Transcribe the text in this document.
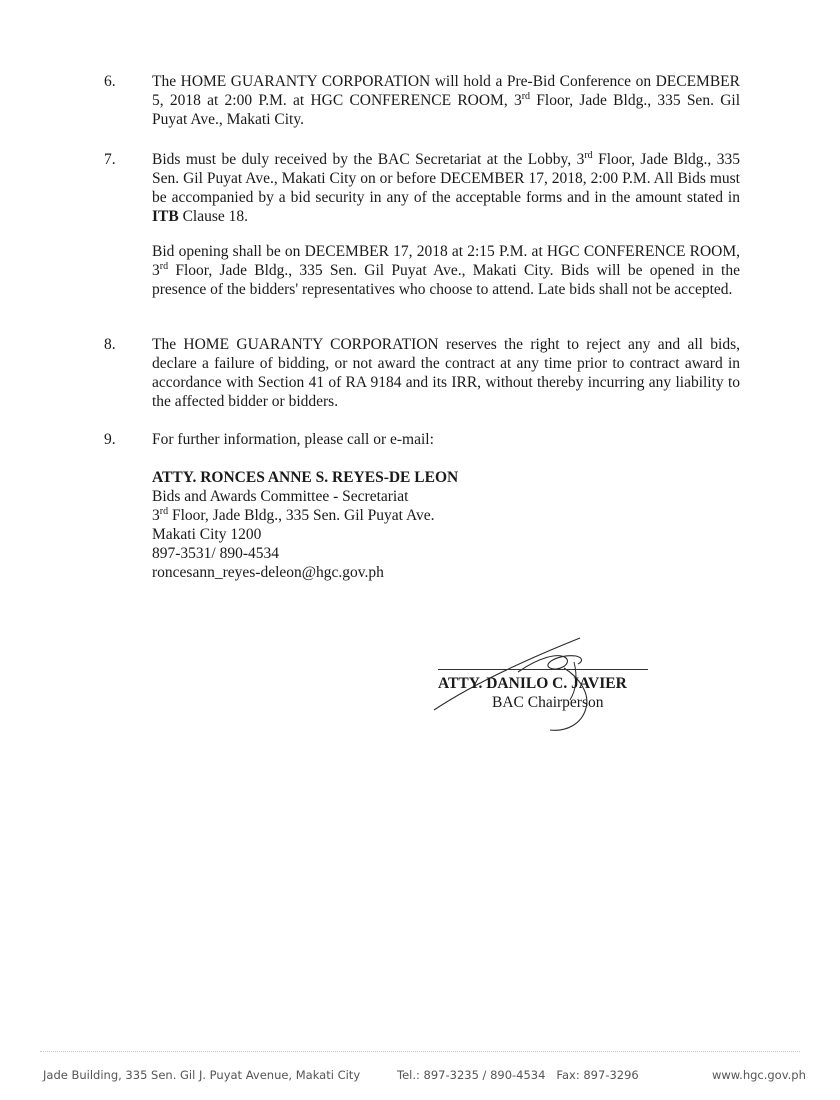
6. The HOME GUARANTY CORPORATION will hold a Pre-Bid Conference on DECEMBER 5, 2018 at 2:00 P.M. at HGC CONFERENCE ROOM, 3rd Floor, Jade Bldg., 335 Sen. Gil Puyat Ave., Makati City.

7. Bids must be duly received by the BAC Secretariat at the Lobby, 3rd Floor, Jade Bldg., 335 Sen. Gil Puyat Ave., Makati City on or before DECEMBER 17, 2018, 2:00 P.M. All Bids must be accompanied by a bid security in any of the acceptable forms and in the amount stated in ITB Clause 18.

Bid opening shall be on DECEMBER 17, 2018 at 2:15 P.M. at HGC CONFERENCE ROOM, 3rd Floor, Jade Bldg., 335 Sen. Gil Puyat Ave., Makati City. Bids will be opened in the presence of the bidders' representatives who choose to attend. Late bids shall not be accepted.

8. The HOME GUARANTY CORPORATION reserves the right to reject any and all bids, declare a failure of bidding, or not award the contract at any time prior to contract award in accordance with Section 41 of RA 9184 and its IRR, without thereby incurring any liability to the affected bidder or bidders.

9. For further information, please call or e-mail:

ATTY. RONCES ANNE S. REYES-DE LEON
Bids and Awards Committee - Secretariat
3rd Floor, Jade Bldg., 335 Sen. Gil Puyat Ave.
Makati City 1200
897-3531/ 890-4534
roncesann_reyes-deleon@hgc.gov.ph
ATTY. DANILO C. JAVIER
BAC Chairperson
Jade Building, 335 Sen. Gil J. Puyat Avenue, Makati City	Tel.: 897-3235 / 890-4534   Fax: 897-3296	www.hgc.gov.ph
